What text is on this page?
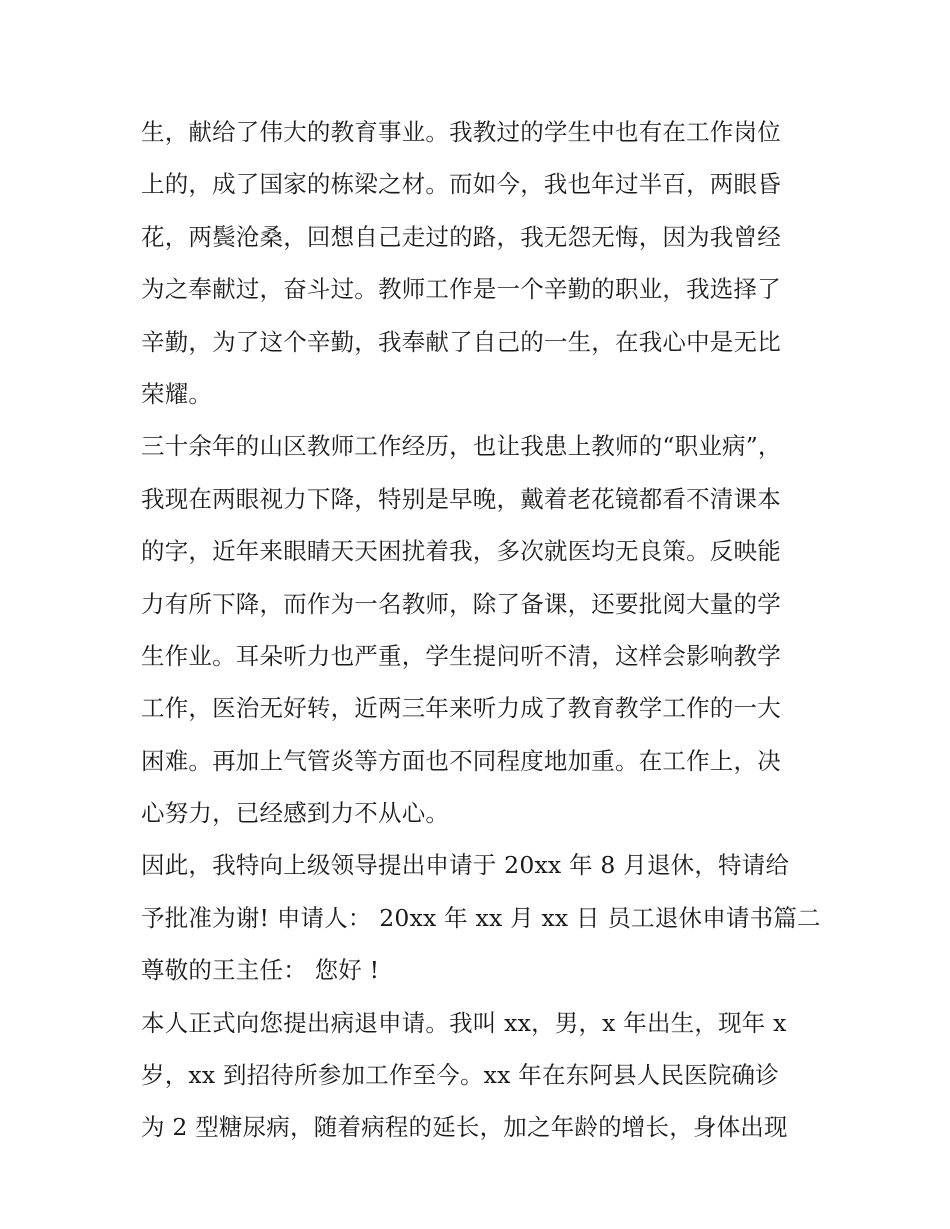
生，献给了伟大的教育事业。我教过的学生中也有在工作岗位
上的，成了国家的栋梁之材。而如今，我也年过半百，两眼昏
花，两鬓沧桑，回想自己走过的路，我无怨无悔，因为我曾经
为之奉献过，奋斗过。教师工作是一个辛勤的职业，我选择了
辛勤，为了这个辛勤，我奉献了自己的一生，在我心中是无比
荣耀。
三十余年的山区教师工作经历，也让我患上教师的“职业病”，
我现在两眼视力下降，特别是早晚，戴着老花镜都看不清课本
的字，近年来眼睛天天困扰着我，多次就医均无良策。反映能
力有所下降，而作为一名教师，除了备课，还要批阅大量的学
生作业。耳朵听力也严重，学生提问听不清，这样会影响教学
工作，医治无好转，近两三年来听力成了教育教学工作的一大
困难。再加上气管炎等方面也不同程度地加重。在工作上，决
心努力，已经感到力不从心。
因此，我特向上级领导提出申请于 20xx 年 8 月退休，特请给
予批准为谢! 申请人： 20xx 年 xx 月 xx 日 员工退休申请书篇二
尊敬的王主任： 您好 !
本人正式向您提出病退申请。我叫 xx，男，x 年出生，现年 x
岁，xx 到招待所参加工作至今。xx 年在东阿县人民医院确诊
为 2 型糖尿病，随着病程的延长，加之年龄的增长，身体出现
